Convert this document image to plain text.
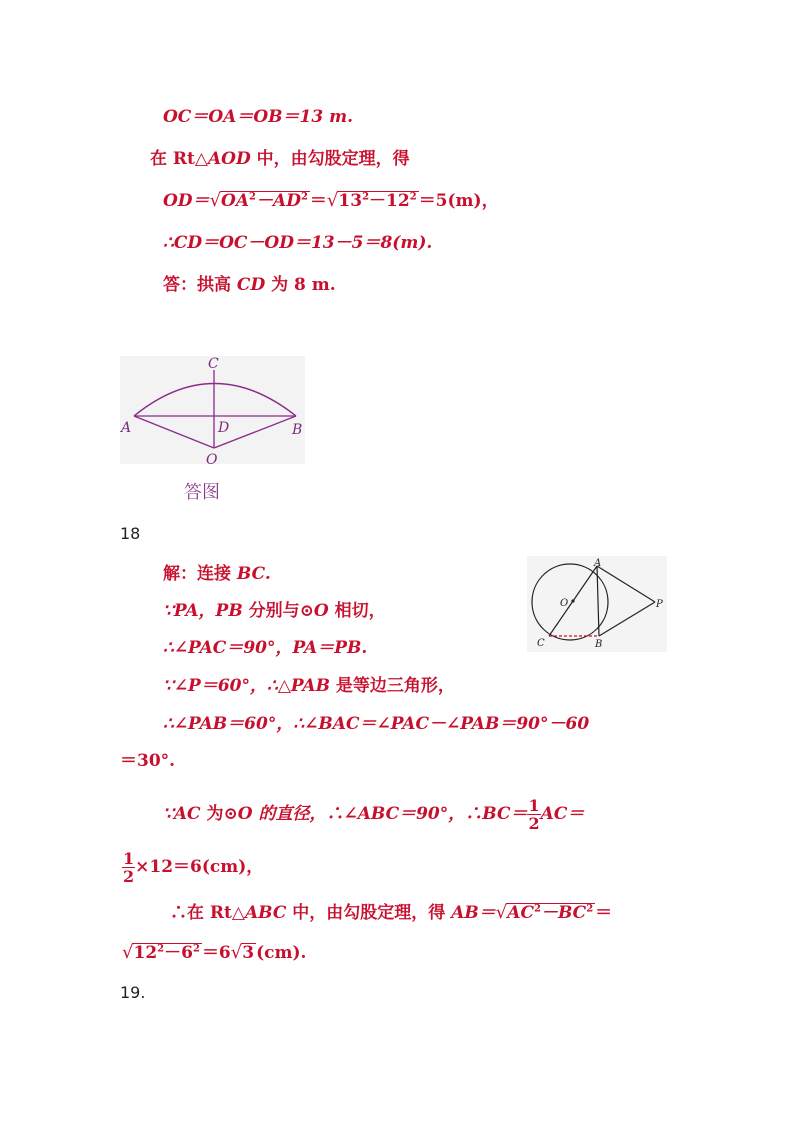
OC＝OA＝OB＝13 m.
在 Rt△AOD 中，由勾股定理，得
$OD=√OA^2-AD^2 =√13^2-12^2 =5(m)$，
∴CD＝OC－OD＝13－5＝8(m).
答：拱高 CD 为 8 m.
C
A	D	B
O
答图
18
解：连接 BC.
∵PA，PB 分别与⊙O 相切，
∴∠PAC＝90°，PA＝PB.
∵∠P＝60°，∴△PAB 是等边三角形，
∴∠PAB＝60°，∴∠BAC＝∠PAC－∠PAB＝90°－60
＝30°.
∵AC 为⊙O 的直径，∴∠ABC＝90°，∴BC＝ $\frac{1}{2} AC=$
$\frac{1}{2} \times 12=6(cm)$，
∴在 Rt△ABC 中，由勾股定理，得 $AB=√AC^2-BC^2$ ＝
$√12^2-6^2 =6√3$ (cm).
A
O	P
C	B
19.
